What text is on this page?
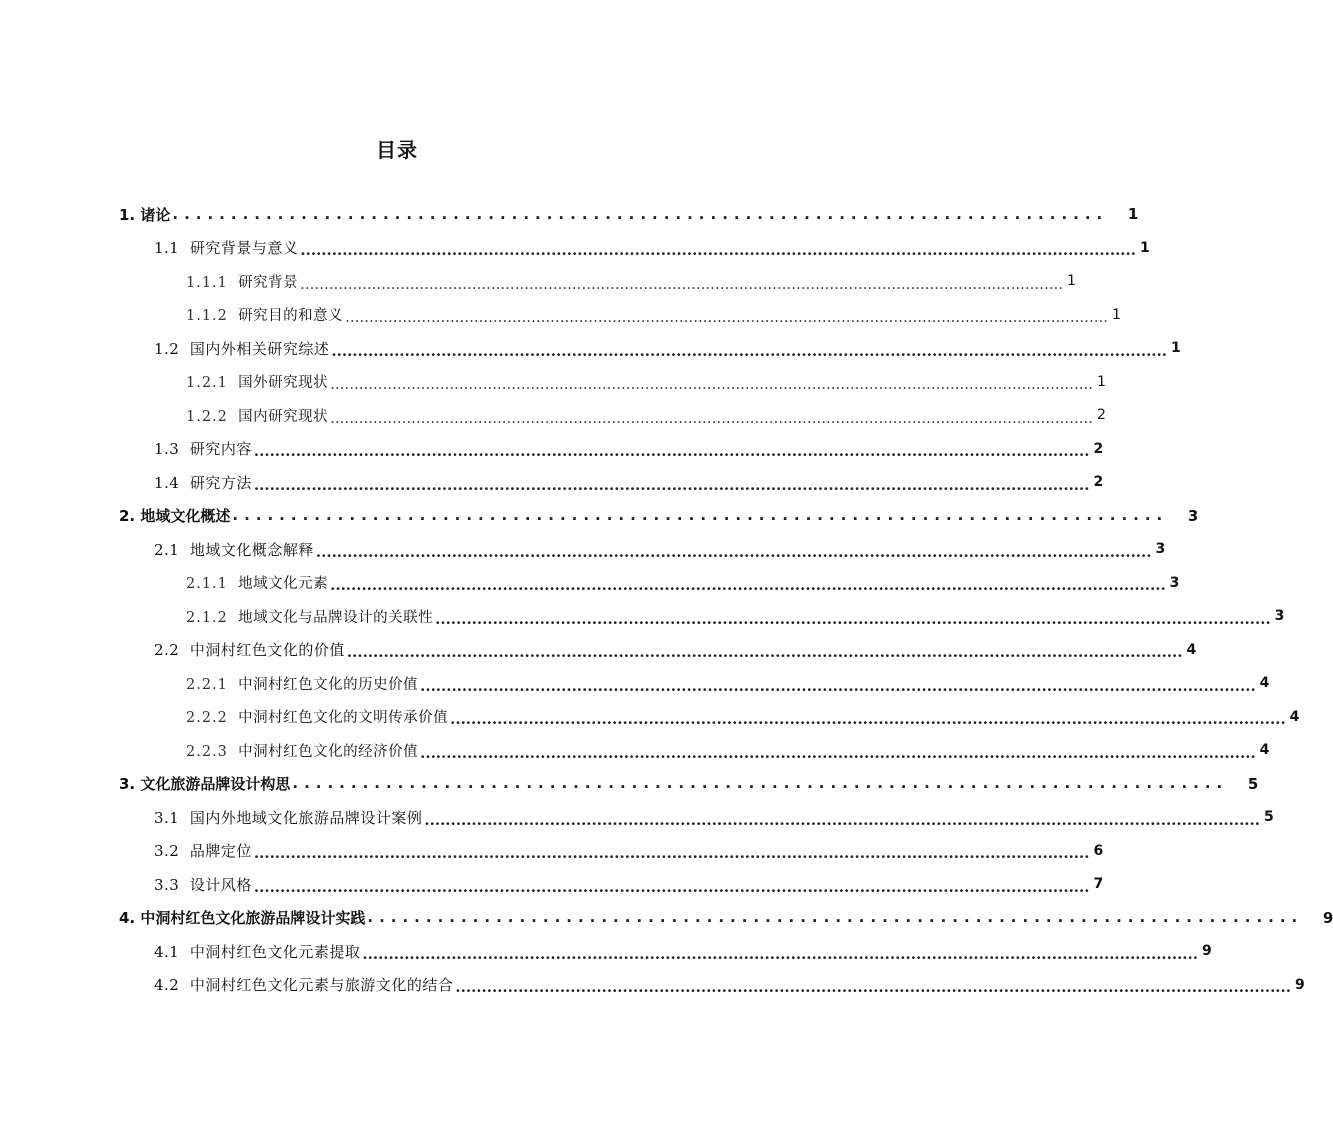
目录
1. 诸论 ................................................................................	1
1.1 研究背景与意义 ................................................................................................................................................................ 1
1.1.1 研究背景 ................................................................................................................................................................ 1
1.1.2 研究目的和意义 ................................................................................................................................................................ 1
1.2 国内外相关研究综述 ................................................................................................................................................................ 1
1.2.1 国外研究现状 ................................................................................................................................................................ 1
1.2.2 国内研究现状 ................................................................................................................................................................ 2
1.3 研究内容 ................................................................................................................................................................ 2
1.4 研究方法 ................................................................................................................................................................ 2
2. 地域文化概述 ................................................................................	3
2.1 地域文化概念解释 ................................................................................................................................................................ 3
2.1.1 地域文化元素 ................................................................................................................................................................ 3
2.1.2 地域文化与品牌设计的关联性 ................................................................................................................................................................ 3
2.2 中洞村红色文化的价值 ................................................................................................................................................................ 4
2.2.1 中洞村红色文化的历史价值 ................................................................................................................................................................ 4
2.2.2 中洞村红色文化的文明传承价值 ................................................................................................................................................................ 4
2.2.3 中洞村红色文化的经济价值 ................................................................................................................................................................ 4
3. 文化旅游品牌设计构思 ................................................................................	5
3.1 国内外地域文化旅游品牌设计案例 ................................................................................................................................................................ 5
3.2 品牌定位 ................................................................................................................................................................ 6
3.3 设计风格 ................................................................................................................................................................ 7
4. 中洞村红色文化旅游品牌设计实践 ................................................................................	9
4.1 中洞村红色文化元素提取 ................................................................................................................................................................ 9
4.2 中洞村红色文化元素与旅游文化的结合 ................................................................................................................................................................ 9
